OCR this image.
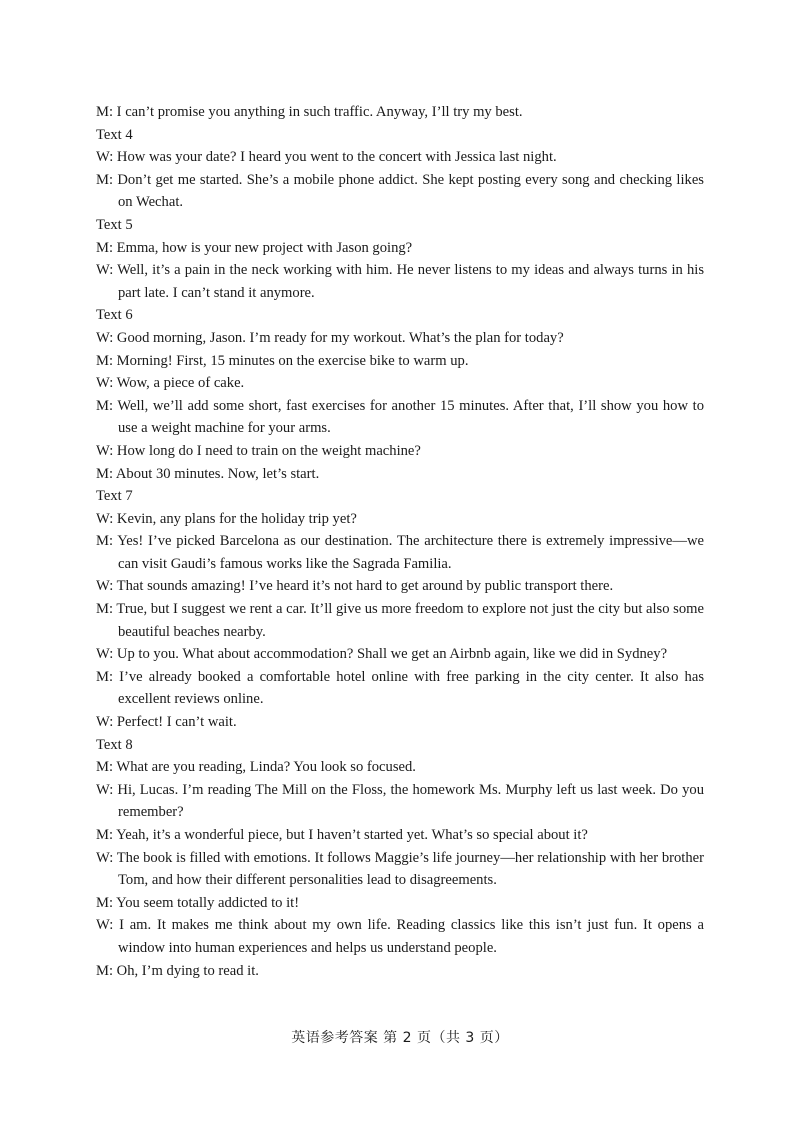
M: I can’t promise you anything in such traffic. Anyway, I’ll try my best.

Text 4

W: How was your date? I heard you went to the concert with Jessica last night.

M: Don’t get me started. She’s a mobile phone addict. She kept posting every song and checking likes on Wechat.

Text 5

M: Emma, how is your new project with Jason going?

W: Well, it’s a pain in the neck working with him. He never listens to my ideas and always turns in his part late. I can’t stand it anymore.

Text 6

W: Good morning, Jason. I’m ready for my workout. What’s the plan for today?

M: Morning! First, 15 minutes on the exercise bike to warm up.

W: Wow, a piece of cake.

M: Well, we’ll add some short, fast exercises for another 15 minutes. After that, I’ll show you how to use a weight machine for your arms.

W: How long do I need to train on the weight machine?

M: About 30 minutes. Now, let’s start.

Text 7

W: Kevin, any plans for the holiday trip yet?

M: Yes! I’ve picked Barcelona as our destination. The architecture there is extremely impressive—we can visit Gaudi’s famous works like the Sagrada Familia.

W: That sounds amazing! I’ve heard it’s not hard to get around by public transport there.

M: True, but I suggest we rent a car. It’ll give us more freedom to explore not just the city but also some beautiful beaches nearby.

W: Up to you. What about accommodation? Shall we get an Airbnb again, like we did in Sydney?

M: I’ve already booked a comfortable hotel online with free parking in the city center. It also has excellent reviews online.

W: Perfect! I can’t wait.

Text 8

M: What are you reading, Linda? You look so focused.

W: Hi, Lucas. I’m reading The Mill on the Floss, the homework Ms. Murphy left us last week. Do you remember?

M: Yeah, it’s a wonderful piece, but I haven’t started yet. What’s so special about it?

W: The book is filled with emotions. It follows Maggie’s life journey—her relationship with her brother Tom, and how their different personalities lead to disagreements.

M: You seem totally addicted to it!

W: I am. It makes me think about my own life. Reading classics like this isn’t just fun. It opens a window into human experiences and helps us understand people.

M: Oh, I’m dying to read it.

英语参考答案 第 2 页（共 3 页）
